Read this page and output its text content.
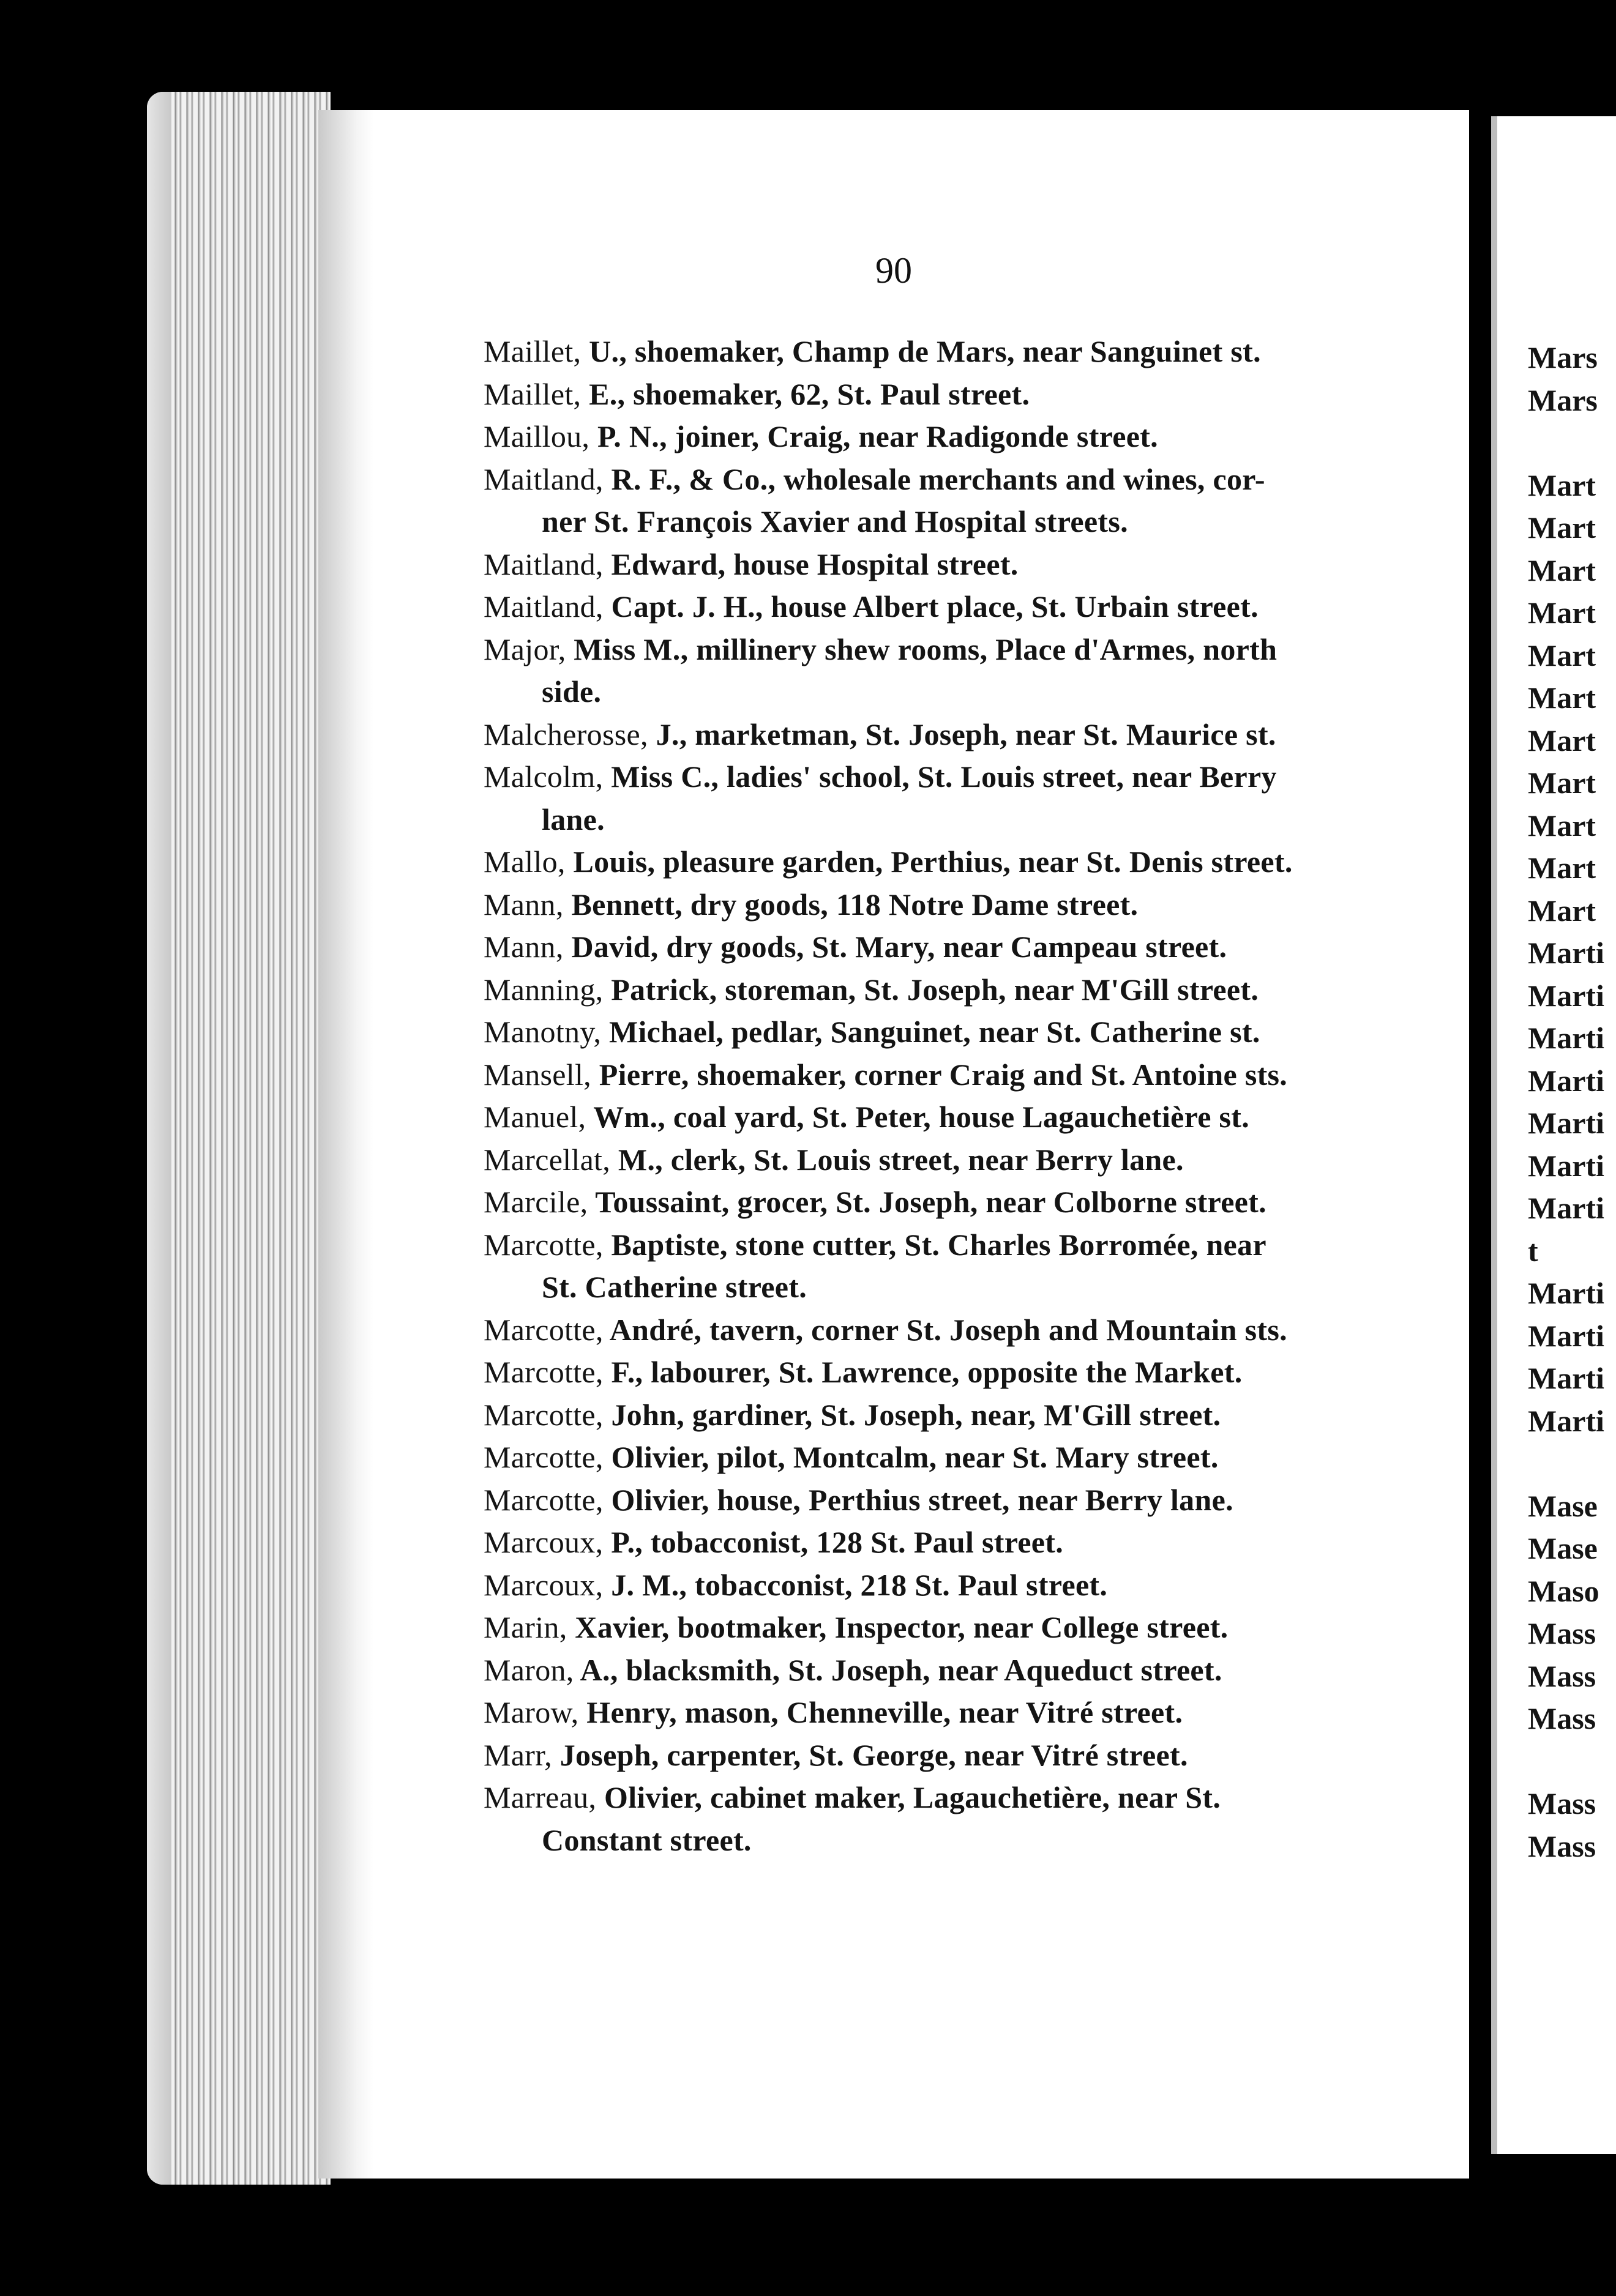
90
Maillet, U., shoemaker, Champ de Mars, near Sanguinet st.
Maillet, E., shoemaker, 62, St. Paul street.
Maillou, P. N., joiner, Craig, near Radigonde street.
Maitland, R. F., & Co., wholesale merchants and wines, cor-
ner St. François Xavier and Hospital streets.
Maitland, Edward, house Hospital street.
Maitland, Capt. J. H., house Albert place, St. Urbain street.
Major, Miss M., millinery shew rooms, Place d'Armes, north
side.
Malcherosse, J., marketman, St. Joseph, near St. Maurice st.
Malcolm, Miss C., ladies' school, St. Louis street, near Berry
lane.
Mallo, Louis, pleasure garden, Perthius, near St. Denis street.
Mann, Bennett, dry goods, 118 Notre Dame street.
Mann, David, dry goods, St. Mary, near Campeau street.
Manning, Patrick, storeman, St. Joseph, near M'Gill street.
Manotny, Michael, pedlar, Sanguinet, near St. Catherine st.
Mansell, Pierre, shoemaker, corner Craig and St. Antoine sts.
Manuel, Wm., coal yard, St. Peter, house Lagauchetière st.
Marcellat, M., clerk, St. Louis street, near Berry lane.
Marcile, Toussaint, grocer, St. Joseph, near Colborne street.
Marcotte, Baptiste, stone cutter, St. Charles Borromée, near
St. Catherine street.
Marcotte, André, tavern, corner St. Joseph and Mountain sts.
Marcotte, F., labourer, St. Lawrence, opposite the Market.
Marcotte, John, gardiner, St. Joseph, near, M'Gill street.
Marcotte, Olivier, pilot, Montcalm, near St. Mary street.
Marcotte, Olivier, house, Perthius street, near Berry lane.
Marcoux, P., tobacconist, 128 St. Paul street.
Marcoux, J. M., tobacconist, 218 St. Paul street.
Marin, Xavier, bootmaker, Inspector, near College street.
Maron, A., blacksmith, St. Joseph, near Aqueduct street.
Marow, Henry, mason, Chenneville, near Vitré street.
Marr, Joseph, carpenter, St. George, near Vitré street.
Marreau, Olivier, cabinet maker, Lagauchetière, near St.
Constant street.
Mars
Mars

Mart
Mart
Mart
Mart
Mart
Mart
Mart
Mart
Mart
Mart
Mart
Marti
Marti
Marti
Marti
Marti
Marti
Marti
t
Marti
Marti
Marti
Marti

Mase
Mase
Maso
Mass
Mass
Mass

Mass
Mass
